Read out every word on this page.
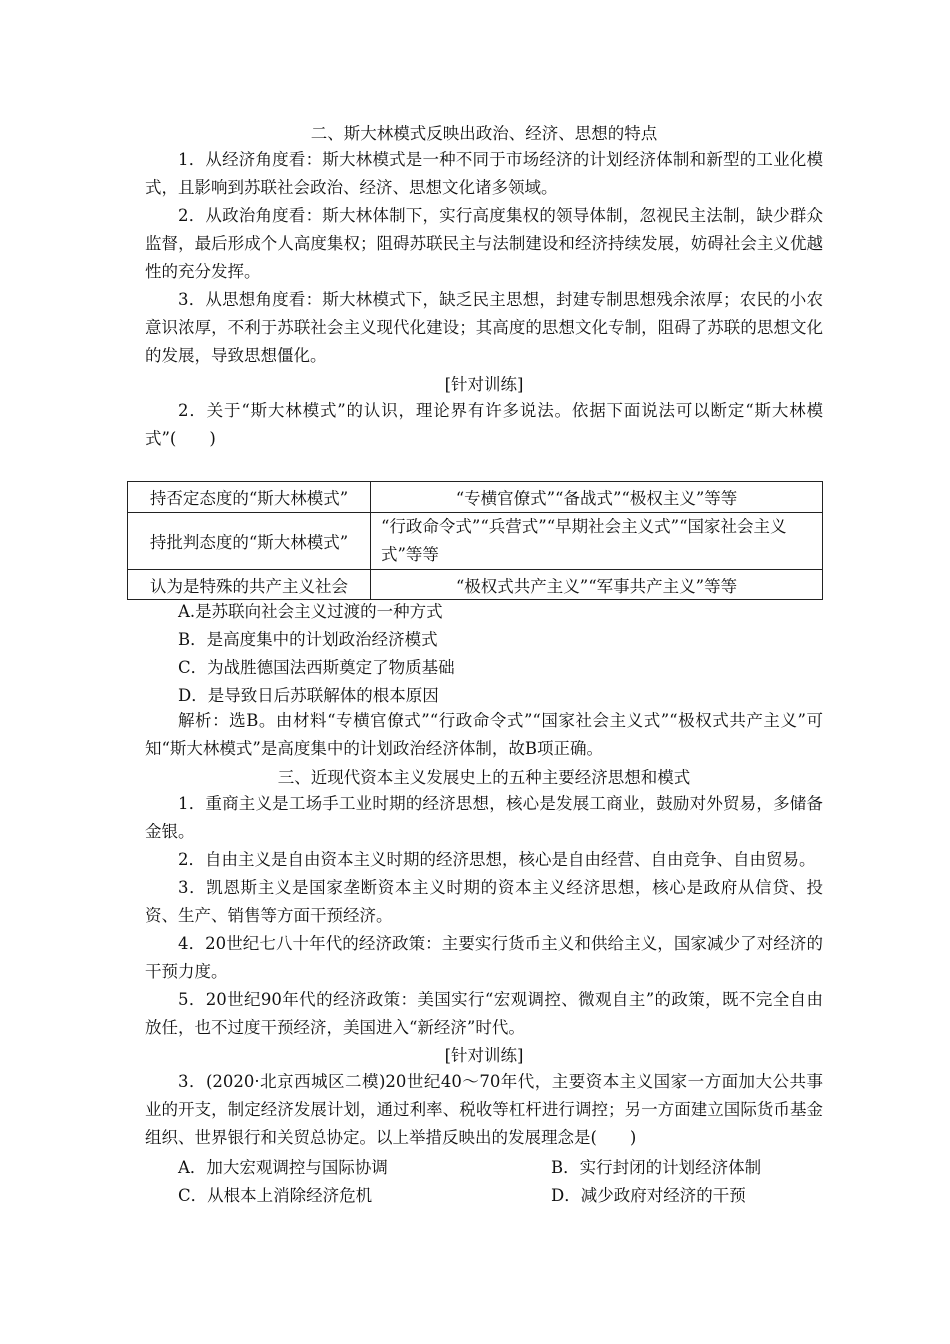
二、斯大林模式反映出政治、经济、思想的特点
1．从经济角度看：斯大林模式是一种不同于市场经济的计划经济体制和新型的工业化模式，且影响到苏联社会政治、经济、思想文化诸多领域。
2．从政治角度看：斯大林体制下，实行高度集权的领导体制，忽视民主法制，缺少群众监督，最后形成个人高度集权；阻碍苏联民主与法制建设和经济持续发展，妨碍社会主义优越性的充分发挥。
3．从思想角度看：斯大林模式下，缺乏民主思想，封建专制思想残余浓厚；农民的小农意识浓厚，不利于苏联社会主义现代化建设；其高度的思想文化专制，阻碍了苏联的思想文化的发展，导致思想僵化。
[针对训练]
2．关于“斯大林模式”的认识，理论界有许多说法。依据下面说法可以断定“斯大林模式”(　　)
持否定态度的“斯大林模式”	“专横官僚式”“备战式”“极权主义”等等
持批判态度的“斯大林模式”	“行政命令式”“兵营式”“早期社会主义式”“国家社会主义式”等等
认为是特殊的共产主义社会	“极权式共产主义”“军事共产主义”等等
A.是苏联向社会主义过渡的一种方式
B．是高度集中的计划政治经济模式
C．为战胜德国法西斯奠定了物质基础
D．是导致日后苏联解体的根本原因
解析：选B。由材料“专横官僚式”“行政命令式”“国家社会主义式”“极权式共产主义”可知“斯大林模式”是高度集中的计划政治经济体制，故B项正确。
三、近现代资本主义发展史上的五种主要经济思想和模式
1．重商主义是工场手工业时期的经济思想，核心是发展工商业，鼓励对外贸易，多储备金银。
2．自由主义是自由资本主义时期的经济思想，核心是自由经营、自由竞争、自由贸易。
3．凯恩斯主义是国家垄断资本主义时期的资本主义经济思想，核心是政府从信贷、投资、生产、销售等方面干预经济。
4．20世纪七八十年代的经济政策：主要实行货币主义和供给主义，国家减少了对经济的干预力度。
5．20世纪90年代的经济政策：美国实行“宏观调控、微观自主”的政策，既不完全自由放任，也不过度干预经济，美国进入“新经济”时代。
[针对训练]
3．(2020·北京西城区二模)20世纪40～70年代，主要资本主义国家一方面加大公共事业的开支，制定经济发展计划，通过利率、税收等杠杆进行调控；另一方面建立国际货币基金组织、世界银行和关贸总协定。以上举措反映出的发展理念是(　　)
A．加大宏观调控与国际协调	B．实行封闭的计划经济体制
C．从根本上消除经济危机	D．减少政府对经济的干预
